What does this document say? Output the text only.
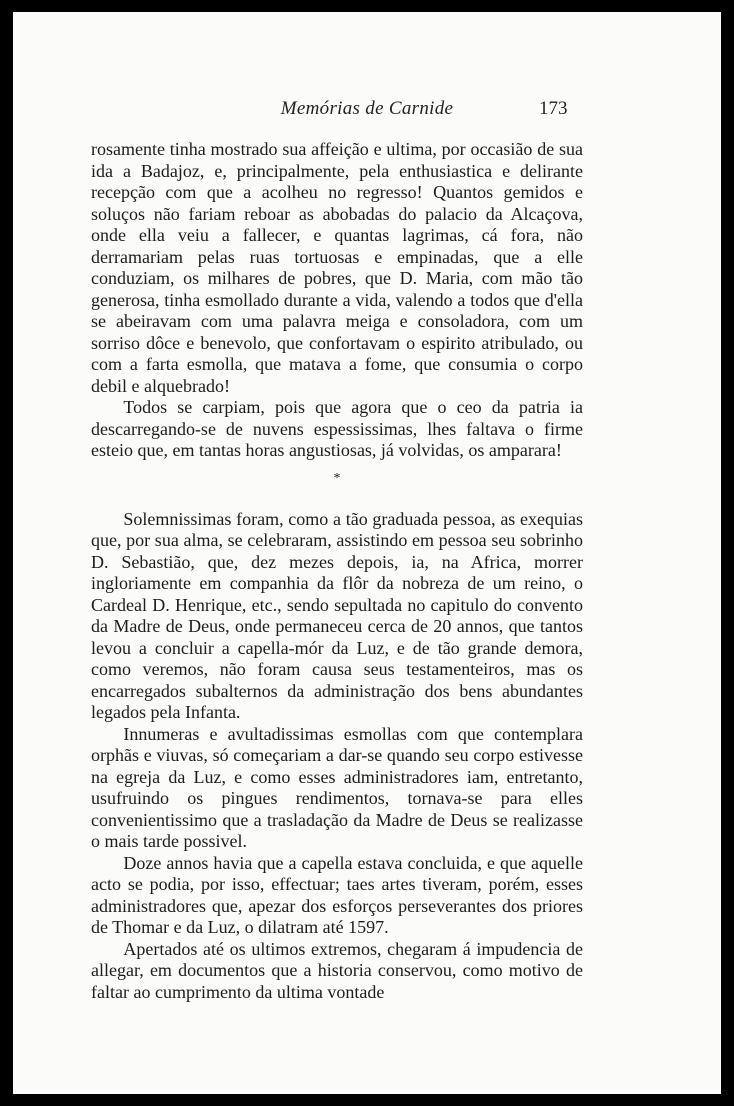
Memórias de Carnide	173

rosamente tinha mostrado sua affeição e ultima, por occasião de sua ida a Badajoz, e, principalmente, pela enthusiastica e delirante recepção com que a acolheu no regresso! Quantos gemidos e soluços não fariam reboar as abobadas do palacio da Alcaçova, onde ella veiu a fallecer, e quantas lagrimas, cá fora, não derramariam pelas ruas tortuosas e empinadas, que a elle conduziam, os milhares de pobres, que D. Maria, com mão tão generosa, tinha esmollado durante a vida, valendo a todos que d'ella se abeiravam com uma palavra meiga e consoladora, com um sorriso dôce e benevolo, que confortavam o espirito atribulado, ou com a farta esmolla, que matava a fome, que consumia o corpo debil e alquebrado!

Todos se carpiam, pois que agora que o ceo da patria ia descarregando-se de nuvens espessissimas, lhes faltava o firme esteio que, em tantas horas angustiosas, já volvidas, os amparara!

*

Solemnissimas foram, como a tão graduada pessoa, as exequias que, por sua alma, se celebraram, assistindo em pessoa seu sobrinho D. Sebastião, que, dez mezes depois, ia, na Africa, morrer ingloriamente em companhia da flôr da nobreza de um reino, o Cardeal D. Henrique, etc., sendo sepultada no capitulo do convento da Madre de Deus, onde permaneceu cerca de 20 annos, que tantos levou a concluir a capella-mór da Luz, e de tão grande demora, como veremos, não foram causa seus testamenteiros, mas os encarregados subalternos da administração dos bens abundantes legados pela Infanta.

Innumeras e avultadissimas esmollas com que contemplara orphãs e viuvas, só começariam a dar-se quando seu corpo estivesse na egreja da Luz, e como esses administradores iam, entretanto, usufruindo os pingues rendimentos, tornava-se para elles convenientissimo que a trasladação da Madre de Deus se realizasse o mais tarde possivel.

Doze annos havia que a capella estava concluida, e que aquelle acto se podia, por isso, effectuar; taes artes tiveram, porém, esses administradores que, apezar dos esforços perseverantes dos priores de Thomar e da Luz, o dilatram até 1597.

Apertados até os ultimos extremos, chegaram á impudencia de allegar, em documentos que a historia conservou, como motivo de faltar ao cumprimento da ultima vontade
